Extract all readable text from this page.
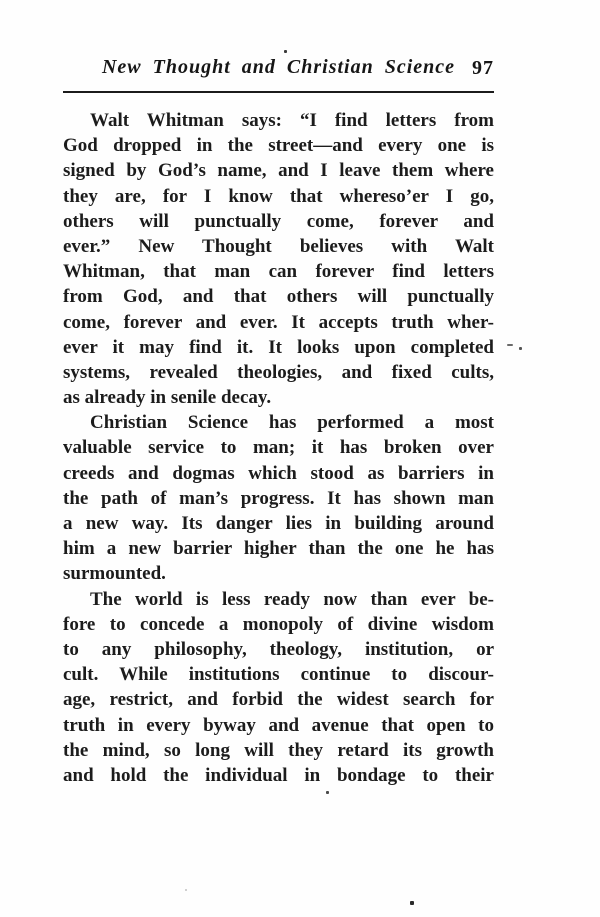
New Thought and Christian Science 97
Walt Whitman says: “I find letters from
God dropped in the street—and every one is
signed by God’s name, and I leave them where
they are, for I know that whereso’er I go,
others will punctually come, forever and
ever.” New Thought believes with Walt
Whitman, that man can forever find letters
from God, and that others will punctually
come, forever and ever. It accepts truth wher-
ever it may find it. It looks upon completed
systems, revealed theologies, and fixed cults,
as already in senile decay.
Christian Science has performed a most
valuable service to man; it has broken over
creeds and dogmas which stood as barriers in
the path of man’s progress. It has shown man
a new way. Its danger lies in building around
him a new barrier higher than the one he has
surmounted.
The world is less ready now than ever be-
fore to concede a monopoly of divine wisdom
to any philosophy, theology, institution, or
cult. While institutions continue to discour-
age, restrict, and forbid the widest search for
truth in every byway and avenue that open to
the mind, so long will they retard its growth
and hold the individual in bondage to their
